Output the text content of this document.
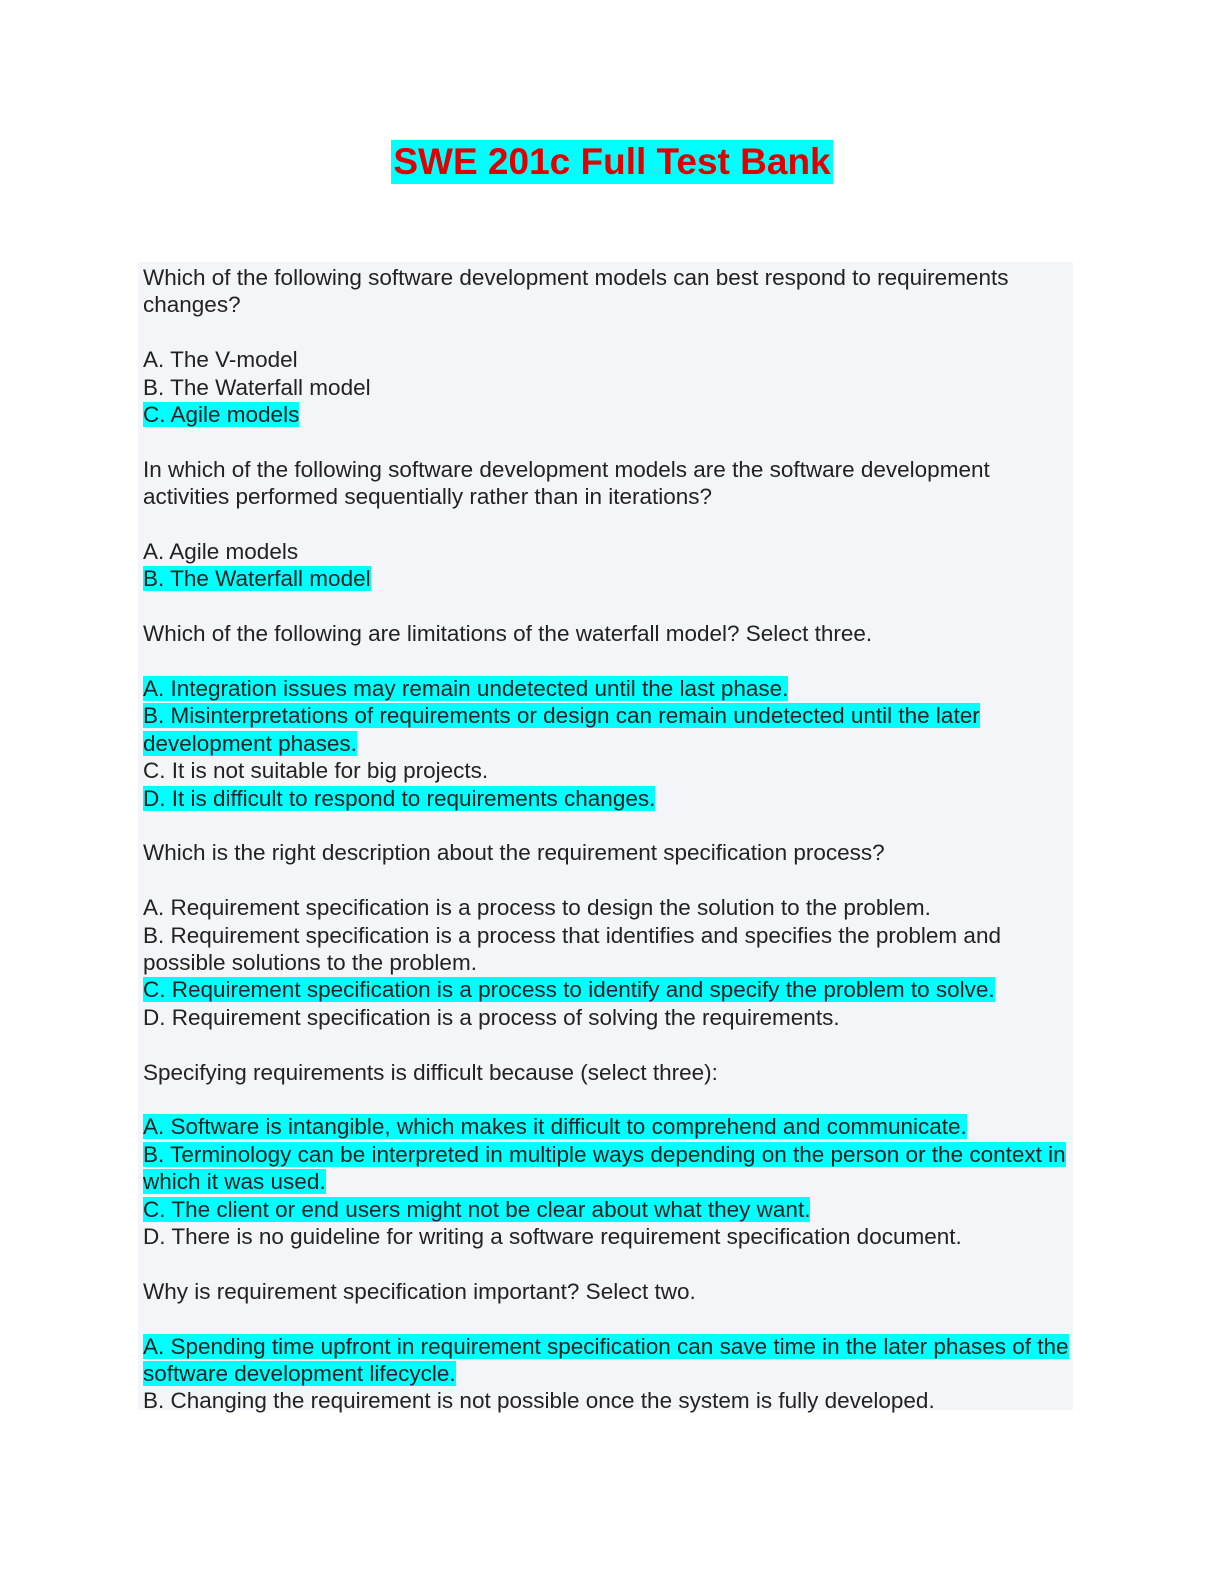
SWE 201c Full Test Bank
Which of the following software development models can best respond to requirements changes?
A. The V-model
B. The Waterfall model
C. Agile models
In which of the following software development models are the software development activities performed sequentially rather than in iterations?
A. Agile models
B. The Waterfall model
Which of the following are limitations of the waterfall model? Select three.
A. Integration issues may remain undetected until the last phase.
B. Misinterpretations of requirements or design can remain undetected until the later development phases.
C. It is not suitable for big projects.
D. It is difficult to respond to requirements changes.
Which is the right description about the requirement specification process?
A. Requirement specification is a process to design the solution to the problem.
B. Requirement specification is a process that identifies and specifies the problem and possible solutions to the problem.
C. Requirement specification is a process to identify and specify the problem to solve.
D. Requirement specification is a process of solving the requirements.
Specifying requirements is difficult because (select three):
A. Software is intangible, which makes it difficult to comprehend and communicate.
B. Terminology can be interpreted in multiple ways depending on the person or the context in which it was used.
C. The client or end users might not be clear about what they want.
D. There is no guideline for writing a software requirement specification document.
Why is requirement specification important? Select two.
A. Spending time upfront in requirement specification can save time in the later phases of the software development lifecycle.
B. Changing the requirement is not possible once the system is fully developed.
